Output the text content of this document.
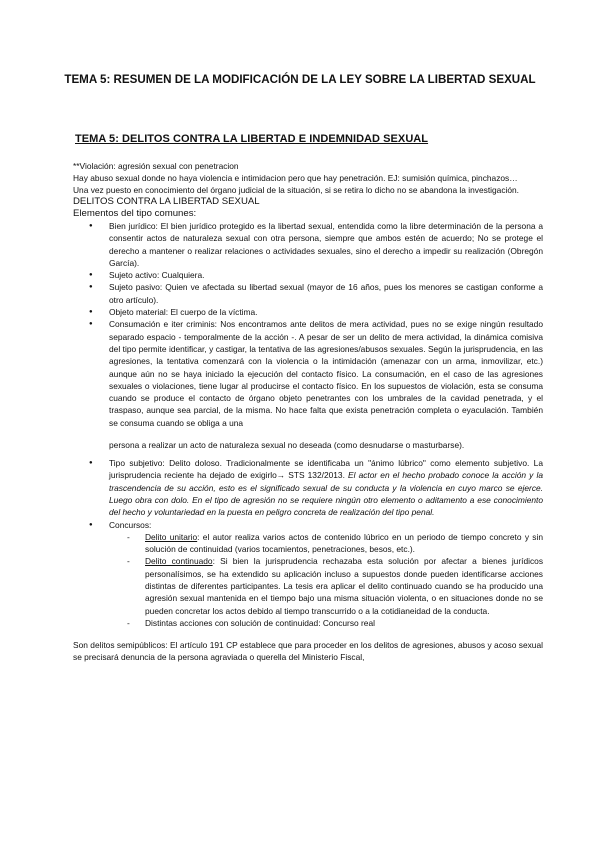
TEMA 5: RESUMEN DE LA MODIFICACIÓN DE LA LEY SOBRE LA LIBERTAD SEXUAL
TEMA 5: DELITOS CONTRA LA LIBERTAD E INDEMNIDAD SEXUAL

**Violación: agresión sexual con penetracion

Hay abuso sexual donde no haya violencia e intimidacion pero que hay penetración. EJ: sumisión química, pinchazos…

Una vez puesto en conocimiento del órgano judicial de la situación, si se retira lo dicho no se abandona la investigación.

DELITOS CONTRA LA LIBERTAD SEXUAL

Elementos del tipo comunes:

● Bien jurídico: El bien jurídico protegido es la libertad sexual, entendida como la libre determinación de la persona a consentir actos de naturaleza sexual con otra persona, siempre que ambos estén de acuerdo; No se protege el derecho a mantener o realizar relaciones o actividades sexuales, sino el derecho a impedir su realización (Obregón García).
● Sujeto activo: Cualquiera.
● Sujeto pasivo: Quien ve afectada su libertad sexual (mayor de 16 años, pues los menores se castigan conforme a otro artículo).
● Objeto material: El cuerpo de la víctima.
● Consumación e iter criminis: Nos encontramos ante delitos de mera actividad, pues no se exige ningún resultado separado espacio - temporalmente de la acción -. A pesar de ser un delito de mera actividad, la dinámica comisiva del tipo permite identificar, y castigar, la tentativa de las agresiones/abusos sexuales. Según la jurisprudencia, en las agresiones, la tentativa comenzará con la violencia o la intimidación (amenazar con un arma, inmovilizar, etc.) aunque aún no se haya iniciado la ejecución del contacto físico. La consumación, en el caso de las agresiones sexuales o violaciones, tiene lugar al producirse el contacto físico. En los supuestos de violación, esta se consuma cuando se produce el contacto de órgano objeto penetrantes con los umbrales de la cavidad penetrada, y el traspaso, aunque sea parcial, de la misma. No hace falta que exista penetración completa o eyaculación. También se consuma cuando se obliga a una

persona a realizar un acto de naturaleza sexual no deseada (como desnudarse o masturbarse).

● Tipo subjetivo: Delito doloso. Tradicionalmente se identificaba un "ánimo lúbrico" como elemento subjetivo. La jurisprudencia reciente ha dejado de exigirlo→ STS 132/2013. El actor en el hecho probado conoce la acción y la trascendencia de su acción, esto es el significado sexual de su conducta y la violencia en cuyo marco se ejerce. Luego obra con dolo. En el tipo de agresión no se requiere ningún otro elemento o aditamento a ese conocimiento del hecho y voluntariedad en la puesta en peligro concreta de realización del tipo penal.
● Concursos:
- Delito unitario: el autor realiza varios actos de contenido lúbrico en un periodo de tiempo concreto y sin solución de continuidad (varios tocamientos, penetraciones, besos, etc.).
- Delito continuado: Si bien la jurisprudencia rechazaba esta solución por afectar a bienes jurídicos personalísimos, se ha extendido su aplicación incluso a supuestos donde pueden identificarse acciones distintas de diferentes participantes. La tesis era aplicar el delito continuado cuando se ha producido una agresión sexual mantenida en el tiempo bajo una misma situación violenta, o en situaciones donde no se pueden concretar los actos debido al tiempo transcurrido o a la cotidianeidad de la conducta.
- Distintas acciones con solución de continuidad: Concurso real

Son delitos semipúblicos: El artículo 191 CP establece que para proceder en los delitos de agresiones, abusos y acoso sexual se precisará denuncia de la persona agraviada o querella del Ministerio Fiscal,
